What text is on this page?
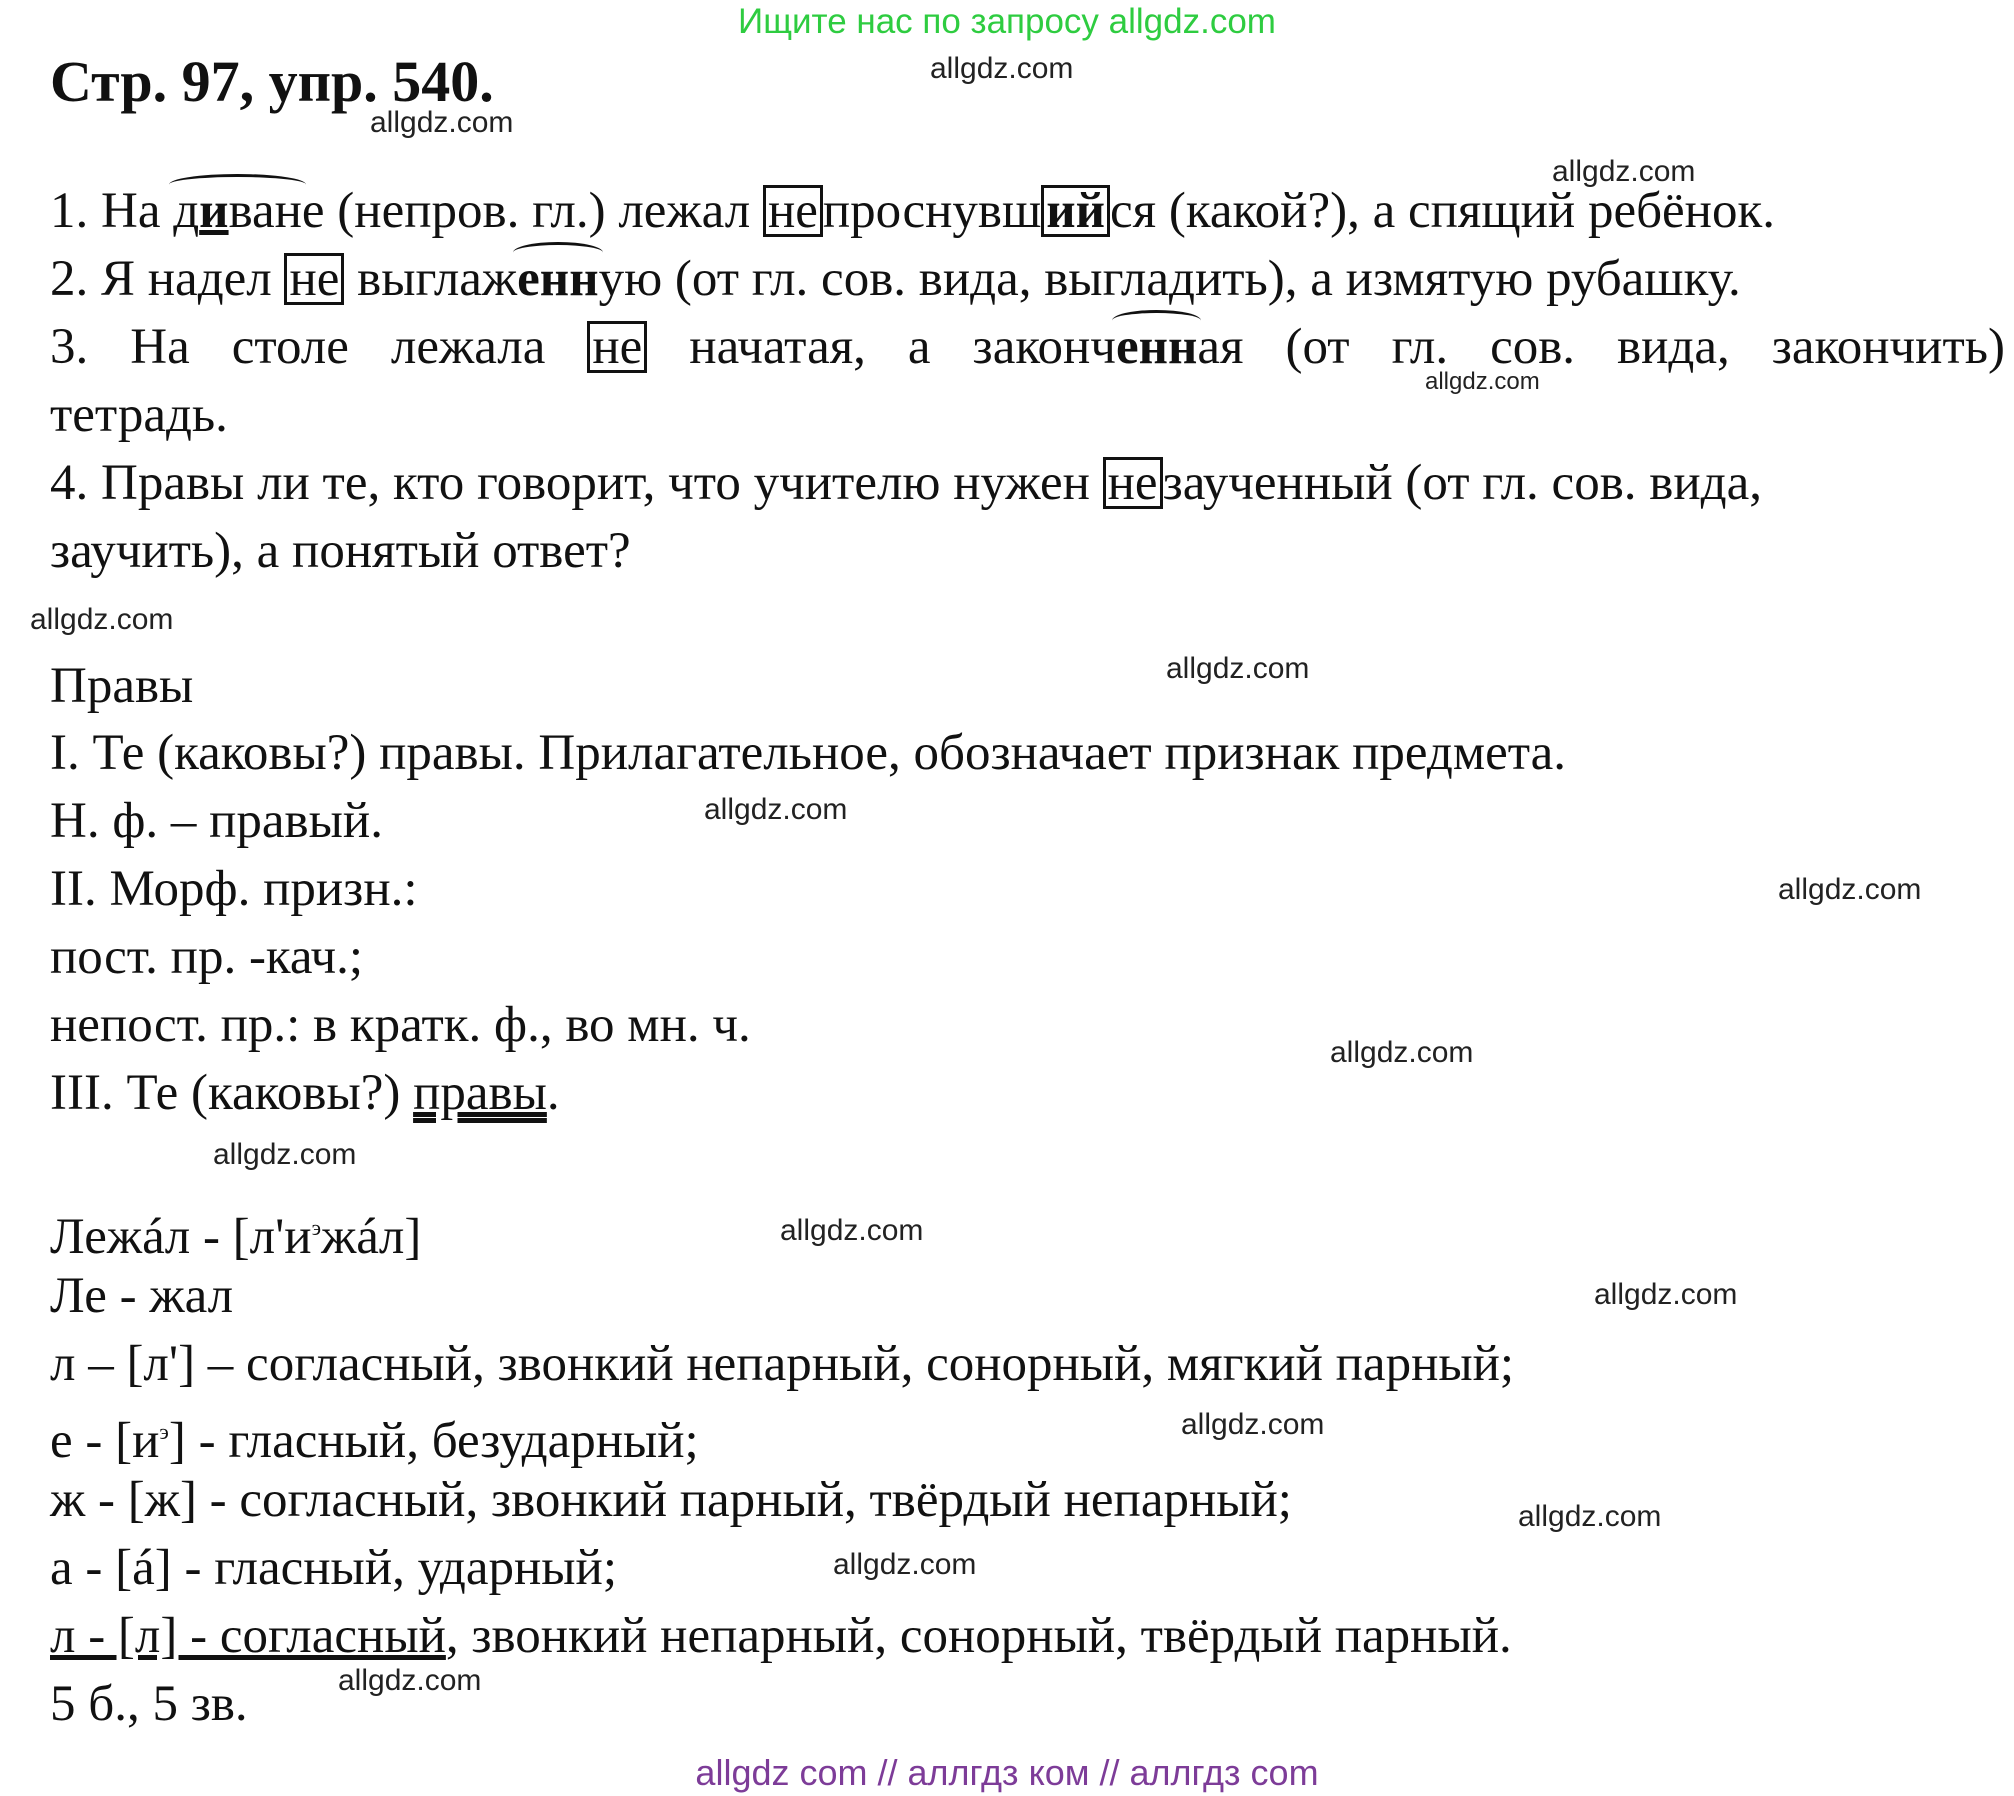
Ищите нас по запросу allgdz.com
Стр. 97, упр. 540.
1. На диване (непров. гл.) лежал непроснувшийся (какой?), а спящий ребёнок.
2. Я надел не выглаженную (от гл. сов. вида, выгладить), а измятую рубашку.
3. На столе лежала не начатая, а законченная (от гл. сов. вида, закончить)
тетрадь.
4. Правы ли те, кто говорит, что учителю нужен незаученный (от гл. сов. вида,
заучить), а понятый ответ?
Правы
I. Те (каковы?) правы. Прилагательное, обозначает признак предмета.
Н. ф. – правый.
II. Морф. призн.:
пост. пр. -кач.;
непост. пр.: в кратк. ф., во мн. ч.
III. Те (каковы?) правы.
Лежáл - $[л'и^эжáл]$
Ле - жал
л – [л'] – согласный, звонкий непарный, сонорный, мягкий парный;
е - $[и^э]$ - гласный, безударный;
ж - [ж] - согласный, звонкий парный, твёрдый непарный;
а - [á] - гласный, ударный;
л - [л] - согласный, звонкий непарный, сонорный, твёрдый парный.
5 б., 5 зв.
allgdz.com
allgdz.com
allgdz.com
allgdz.com
allgdz.com
allgdz.com
allgdz.com
allgdz.com
allgdz.com
allgdz.com
allgdz.com
allgdz.com
allgdz.com
allgdz.com
allgdz.com
allgdz.com
allgdz com // аллгдз ком // аллгдз com
